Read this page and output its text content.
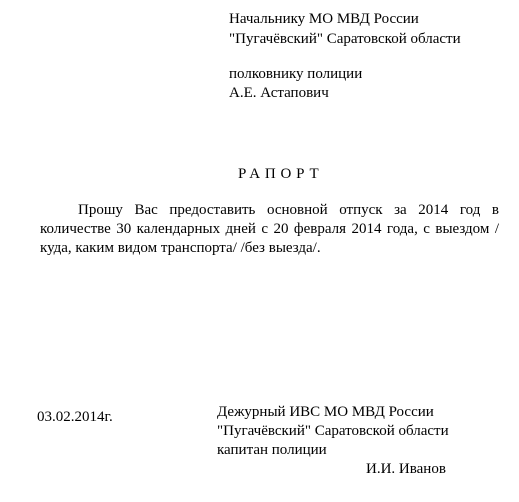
Начальнику МО МВД России
"Пугачёвский" Саратовской области
полковнику полиции
А.Е. Астапович
РАПОРТ
Прошу Вас предоставить основной отпуск за 2014 год в количестве 30 календарных дней с 20 февраля 2014 года, с выездом /куда, каким видом транспорта/ /без выезда/.
03.02.2014г.	Дежурный ИВС МО МВД России
"Пугачёвский" Саратовской области
капитан полиции
И.И. Иванов
